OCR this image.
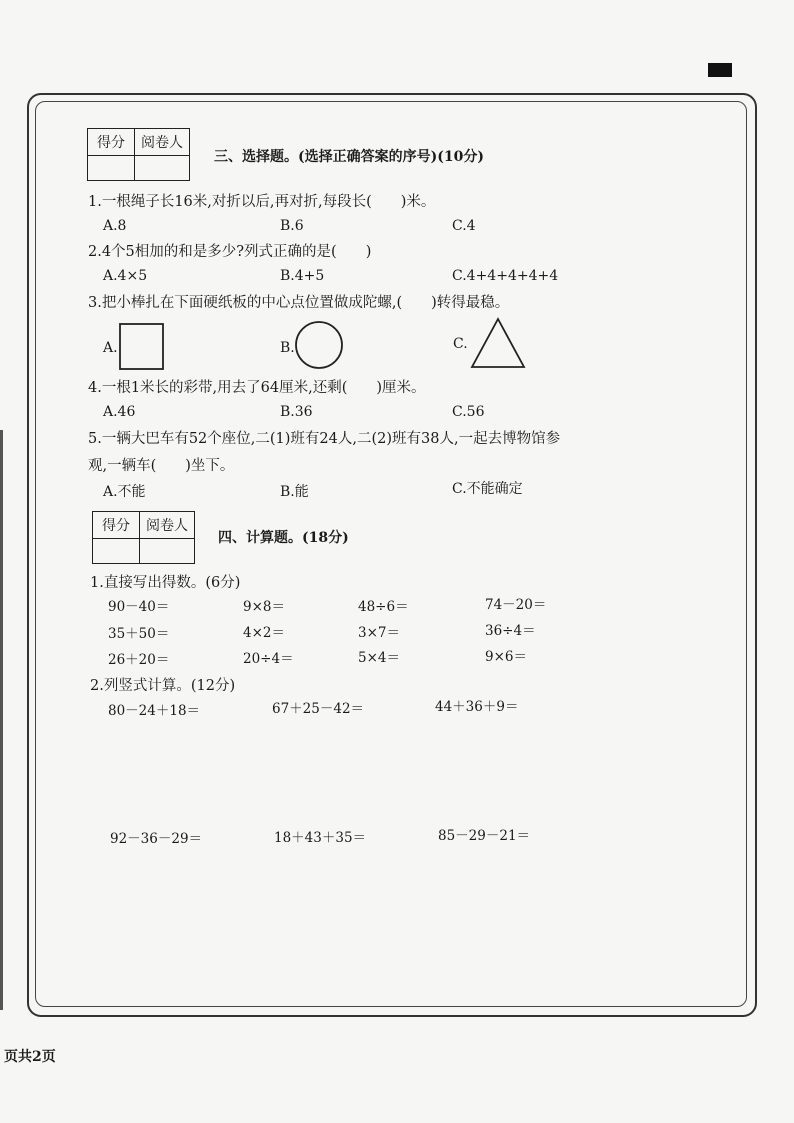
得分	阅卷人

三、选择题。(选择正确答案的序号)(10分)
1.一根绳子长16米,对折以后,再对折,每段长(　　)米。
A.8	B.6	C.4
2.4个5相加的和是多少?列式正确的是(　　)
A.4×5	B.4+5	C.4+4+4+4+4
3.把小棒扎在下面硬纸板的中心点位置做成陀螺,(　　)转得最稳。
A.	B.	C.
4.一根1米长的彩带,用去了64厘米,还剩(　　)厘米。
A.46	B.36	C.56
5.一辆大巴车有52个座位,二(1)班有24人,二(2)班有38人,一起去博物馆参
观,一辆车(　　)坐下。
A.不能	B.能	C.不能确定
得分	阅卷人

四、计算题。(18分)
1.直接写出得数。(6分)
90－40＝	9×8＝	48÷6＝	74－20＝
35＋50＝	4×2＝	3×7＝	36÷4＝
26＋20＝	20÷4＝	5×4＝	9×6＝
2.列竖式计算。(12分)
80－24＋18＝	67＋25－42＝	44＋36＋9＝
92－36－29＝	18＋43＋35＝	85－29－21＝
页共2页
